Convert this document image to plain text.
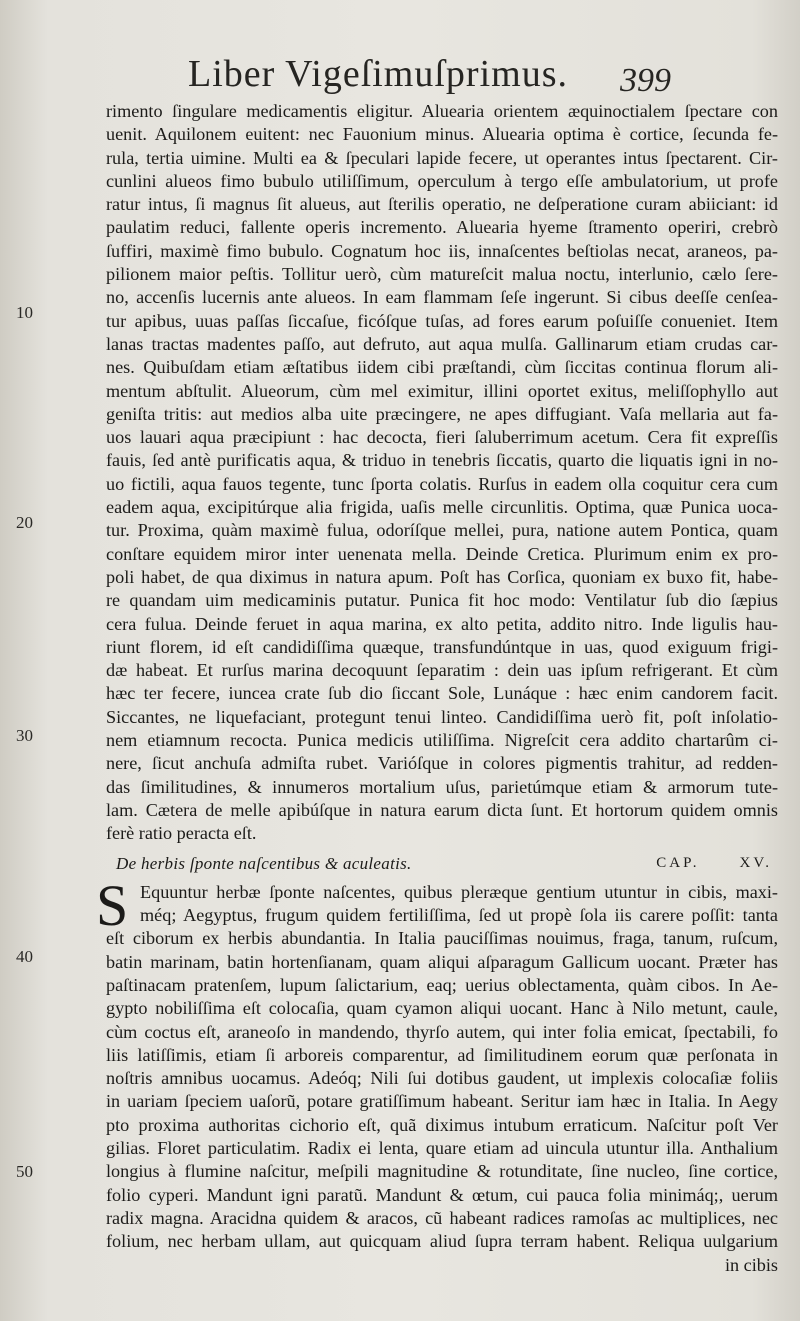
Liber Vigeſimuſprimus. 399
10
20
30
40
50
rimento ſingulare medicamentis eligitur. Aluearia orientem æquinoctialem ſpectare con
uenit. Aquilonem euitent: nec Fauonium minus. Aluearia optima è cortice, ſecunda fe-
rula, tertia uimine. Multi ea & ſpeculari lapide fecere, ut operantes intus ſpectarent. Cir-
cunlini alueos fimo bubulo utiliſſimum, operculum à tergo eſſe ambulatorium, ut profe
ratur intus, ſi magnus ſit alueus, aut ſterilis operatio, ne deſperatione curam abiiciant: id
paulatim reduci, fallente operis incremento. Aluearia hyeme ſtramento operiri, crebrò
ſuffiri, maximè fimo bubulo. Cognatum hoc iis, innaſcentes beſtiolas necat, araneos, pa-
pilionem maior peſtis. Tollitur uerò, cùm matureſcit malua noctu, interlunio, cælo ſere-
no, accenſis lucernis ante alueos. In eam flammam ſeſe ingerunt. Si cibus deeſſe cenſea-
tur apibus, uuas paſſas ſiccaſue, ficóſque tuſas, ad fores earum poſuiſſe conueniet. Item
lanas tractas madentes paſſo, aut defruto, aut aqua mulſa. Gallinarum etiam crudas car-
nes. Quibuſdam etiam æſtatibus iidem cibi præſtandi, cùm ſiccitas continua florum ali-
mentum abſtulit. Alueorum, cùm mel eximitur, illini oportet exitus, meliſſophyllo aut
geniſta tritis: aut medios alba uite præcingere, ne apes diffugiant. Vaſa mellaria aut fa-
uos lauari aqua præcipiunt : hac decocta, fieri ſaluberrimum acetum. Cera fit expreſſis
fauis, ſed antè purificatis aqua, & triduo in tenebris ſiccatis, quarto die liquatis igni in no-
uo fictili, aqua fauos tegente, tunc ſporta colatis. Rurſus in eadem olla coquitur cera cum
eadem aqua, excipitúrque alia frigida, uaſis melle circunlitis. Optima, quæ Punica uoca-
tur. Proxima, quàm maximè fulua, odoríſque mellei, pura, natione autem Pontica, quam
conſtare equidem miror inter uenenata mella. Deinde Cretica. Plurimum enim ex pro-
poli habet, de qua diximus in natura apum. Poſt has Corſica, quoniam ex buxo fit, habe-
re quandam uim medicaminis putatur. Punica fit hoc modo: Ventilatur ſub dio ſæpius
cera fulua. Deinde feruet in aqua marina, ex alto petita, addito nitro. Inde ligulis hau-
riunt florem, id eſt candidiſſima quæque, transfundúntque in uas, quod exiguum frigi-
dæ habeat. Et rurſus marina decoquunt ſeparatim : dein uas ipſum refrigerant. Et cùm
hæc ter fecere, iuncea crate ſub dio ſiccant Sole, Lunáque : hæc enim candorem facit.
Siccantes, ne liquefaciant, protegunt tenui linteo. Candidiſſima uerò fit, poſt inſolatio-
nem etiamnum recocta. Punica medicis utiliſſima. Nigreſcit cera addito chartarûm ci-
nere, ſicut anchuſa admiſta rubet. Varióſque in colores pigmentis trahitur, ad redden-
das ſimilitudines, & innumeros mortalium uſus, parietúmque etiam & armorum tute-
lam. Cætera de melle apibúſque in natura earum dicta ſunt. Et hortorum quidem omnis
ferè ratio peracta eſt.
De herbis ſponte naſcentibus & aculeatis.	CAP.	XV.
S Equuntur herbæ ſponte naſcentes, quibus pleræque gentium utuntur in cibis, maxi-
méq; Aegyptus, frugum quidem fertiliſſima, ſed ut propè ſola iis carere poſſit: tanta
eſt ciborum ex herbis abundantia. In Italia pauciſſimas nouimus, fraga, tanum, ruſcum,
batin marinam, batin hortenſianam, quam aliqui aſparagum Gallicum uocant. Præter has
paſtinacam pratenſem, lupum ſalictarium, eaq; uerius oblectamenta, quàm cibos. In Ae-
gypto nobiliſſima eſt colocaſia, quam cyamon aliqui uocant. Hanc à Nilo metunt, caule,
cùm coctus eſt, araneoſo in mandendo, thyrſo autem, qui inter folia emicat, ſpectabili, fo
liis latiſſimis, etiam ſi arboreis comparentur, ad ſimilitudinem eorum quæ perſonata in
noſtris amnibus uocamus. Adeóq; Nili ſui dotibus gaudent, ut implexis colocaſiæ foliis
in uariam ſpeciem uaſorũ, potare gratiſſimum habeant. Seritur iam hæc in Italia. In Aegy
pto proxima authoritas cichorio eſt, quã diximus intubum erraticum. Naſcitur poſt Ver
gilias. Floret particulatim. Radix ei lenta, quare etiam ad uincula utuntur illa. Anthalium
longius à flumine naſcitur, meſpili magnitudine & rotunditate, ſine nucleo, ſine cortice,
folio cyperi. Mandunt igni paratũ. Mandunt & œtum, cui pauca folia minimáq;, uerum
radix magna. Aracidna quidem & aracos, cũ habeant radices ramoſas ac multiplices, nec
folium, nec herbam ullam, aut quicquam aliud ſupra terram habent. Reliqua uulgarium
in cibis
